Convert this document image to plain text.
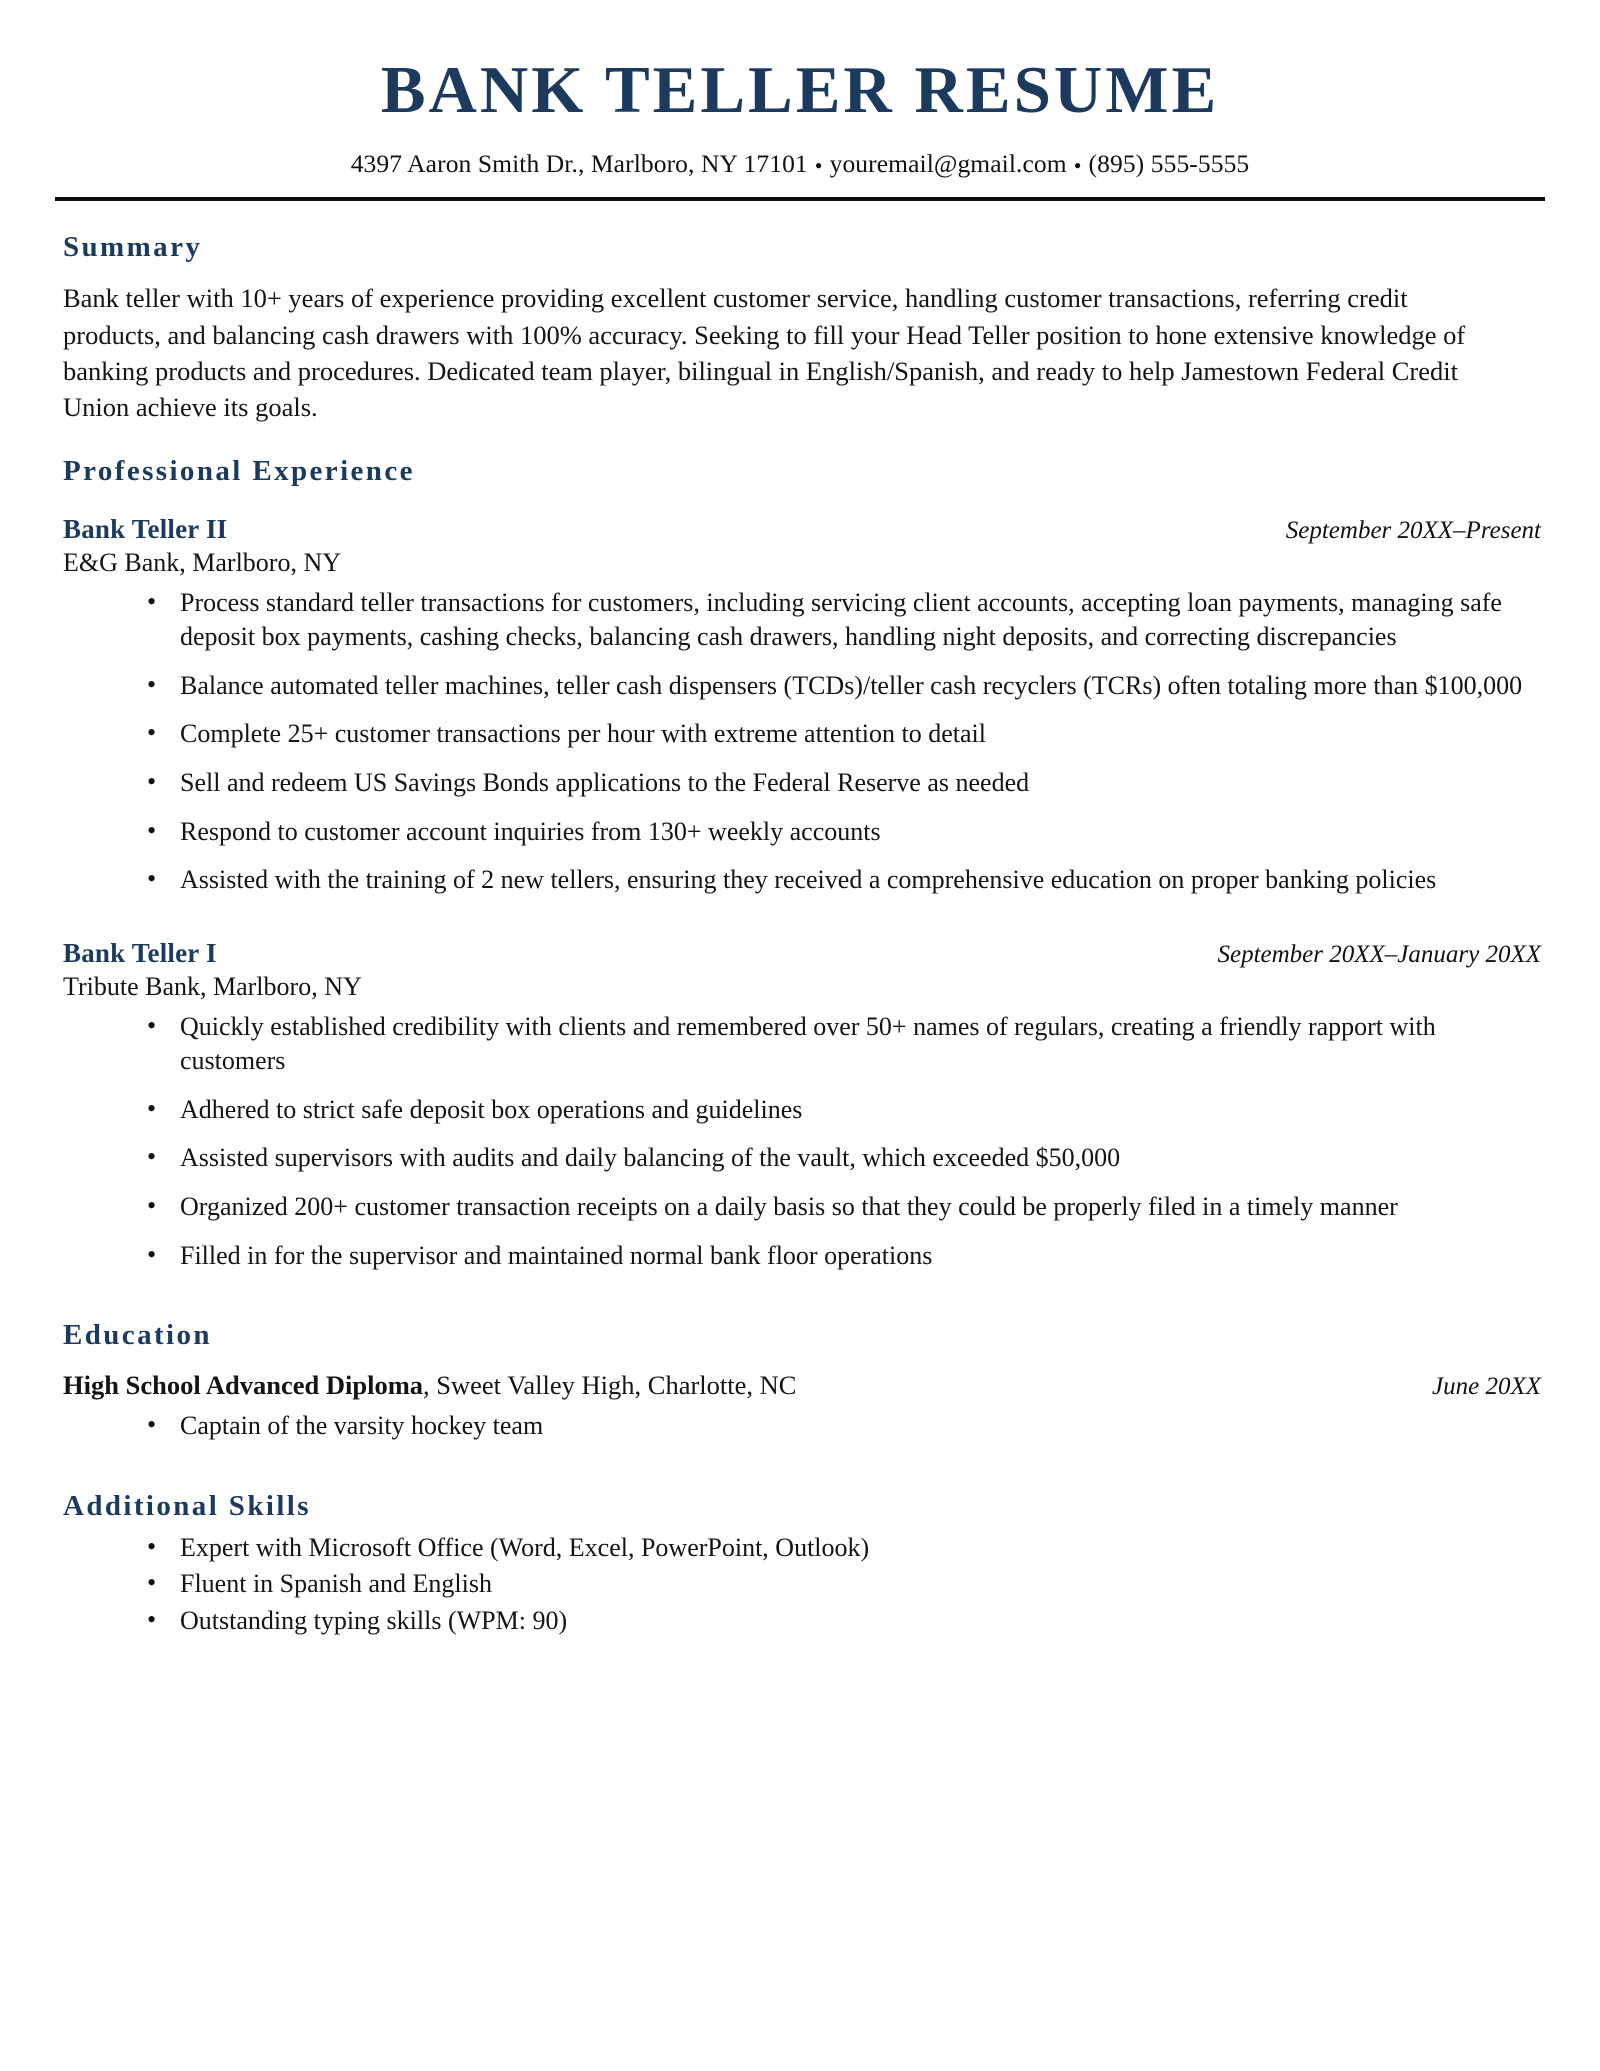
BANK TELLER RESUME
4397 Aaron Smith Dr., Marlboro, NY 17101 • youremail@gmail.com • (895) 555-5555
Summary

Bank teller with 10+ years of experience providing excellent customer service, handling customer transactions, referring credit products, and balancing cash drawers with 100% accuracy. Seeking to fill your Head Teller position to hone extensive knowledge of banking products and procedures. Dedicated team player, bilingual in English/Spanish, and ready to help Jamestown Federal Credit Union achieve its goals.

Professional Experience
Bank Teller II	September 20XX–Present
E&G Bank, Marlboro, NY
• Process standard teller transactions for customers, including servicing client accounts, accepting loan payments, managing safe deposit box payments, cashing checks, balancing cash drawers, handling night deposits, and correcting discrepancies
• Balance automated teller machines, teller cash dispensers (TCDs)/teller cash recyclers (TCRs) often totaling more than $100,000
• Complete 25+ customer transactions per hour with extreme attention to detail
• Sell and redeem US Savings Bonds applications to the Federal Reserve as needed
• Respond to customer account inquiries from 130+ weekly accounts
• Assisted with the training of 2 new tellers, ensuring they received a comprehensive education on proper banking policies
Bank Teller I	September 20XX–January 20XX
Tribute Bank, Marlboro, NY
• Quickly established credibility with clients and remembered over 50+ names of regulars, creating a friendly rapport with customers
• Adhered to strict safe deposit box operations and guidelines
• Assisted supervisors with audits and daily balancing of the vault, which exceeded $50,000
• Organized 200+ customer transaction receipts on a daily basis so that they could be properly filed in a timely manner
• Filled in for the supervisor and maintained normal bank floor operations
Education
High School Advanced Diploma, Sweet Valley High, Charlotte, NC	June 20XX
• Captain of the varsity hockey team
Additional Skills
• Expert with Microsoft Office (Word, Excel, PowerPoint, Outlook)
• Fluent in Spanish and English
• Outstanding typing skills (WPM: 90)
